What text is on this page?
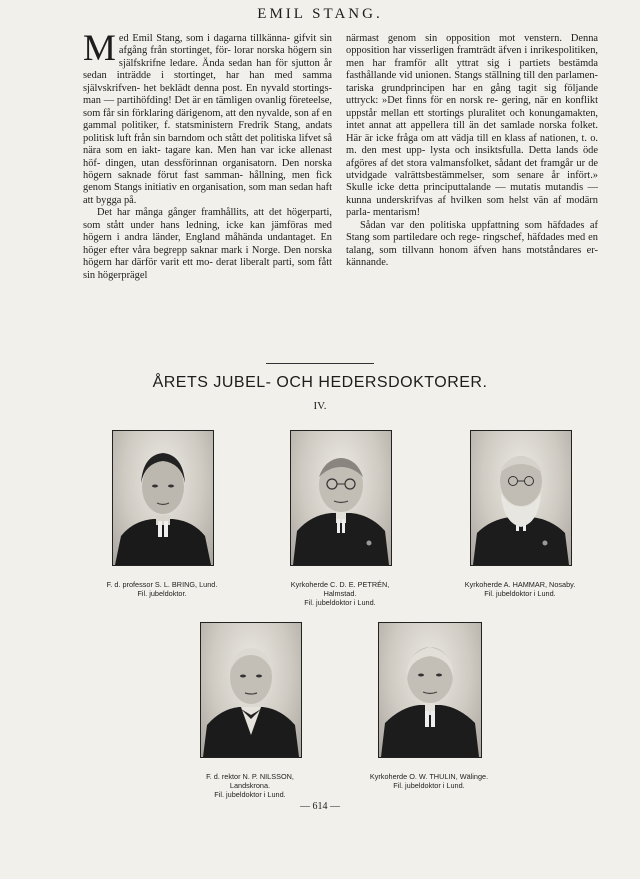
EMIL STANG.

Med Emil Stang, som i dagarna tillkänna- gifvit sin afgång från stortinget, för- lorar norska högern sin själfskrifne ledare. Ända sedan han för sjutton år sedan inträdde i stortinget, har han med samma självskrifven- het beklädt denna post. En nyvald stortings- man — partihöfding! Det är en tämligen ovanlig företeelse, som får sin förklaring därigenom, att den nyvalde, son af en gammal politiker, f. statsministern Fredrik Stang, andats politisk luft från sin barndom och stått det politiska lifvet så nära som en iakt- tagare kan. Men han var icke allenast höf- dingen, utan dessförinnan organisatorn. Den norska högern saknade förut fast samman- hållning, men fick genom Stangs initiativ en organisation, som man sedan haft att bygga på.

Det har många gånger framhållits, att det högerparti, som stått under hans ledning, icke kan jämföras med högern i andra länder, England måhända undantaget. En höger efter våra begrepp saknar mark i Norge. Den norska högern har därför varit ett mo- derat liberalt parti, som fått sin högerprägel

närmast genom sin opposition mot venstern. Denna opposition har visserligen framträdt äfven i inrikespolitiken, men har framför allt yttrat sig i partiets bestämda fasthållande vid unionen. Stangs ställning till den parlamen- tariska grundprincipen har en gång tagit sig följande uttryck: »Det finns för en norsk re- gering, när en konflikt uppstår mellan ett stortings pluralitet och konungamakten, intet annat att appellera till än det samlade norska folket. Här är icke fråga om att vädja till en klass af nationen, t. o. m. den mest upp- lysta och insiktsfulla. Detta lands öde afgöres af det stora valmansfolket, sådant det framgår ur de utvidgade valrättsbestämmelser, som senare år infört.» Skulle icke detta principuttalande — mutatis mutandis — kunna underskrifvas af hvilken som helst vän af modärn parla- mentarism!

Sådan var den politiska uppfattning som häfdades af Stang som partiledare och rege- ringschef, häfdades med en talang, som tillvann honom äfven hans motståndares er- kännande.

ÅRETS JUBEL- OCH HEDERSDOKTORER.
IV.
F. d. professor S. L. BRING, Lund.
Fil. jubeldoktor.
Kyrkoherde C. D. E. PETRÉN,
Halmstad.
Fil. jubeldoktor i Lund.
Kyrkoherde A. HAMMAR, Nosaby.
Fil. jubeldoktor i Lund.
F. d. rektor N. P. NILSSON,
Landskrona.
Fil. jubeldoktor i Lund.
Kyrkoherde O. W. THULIN, Wälinge.
Fil. jubeldoktor i Lund.
— 614 —
